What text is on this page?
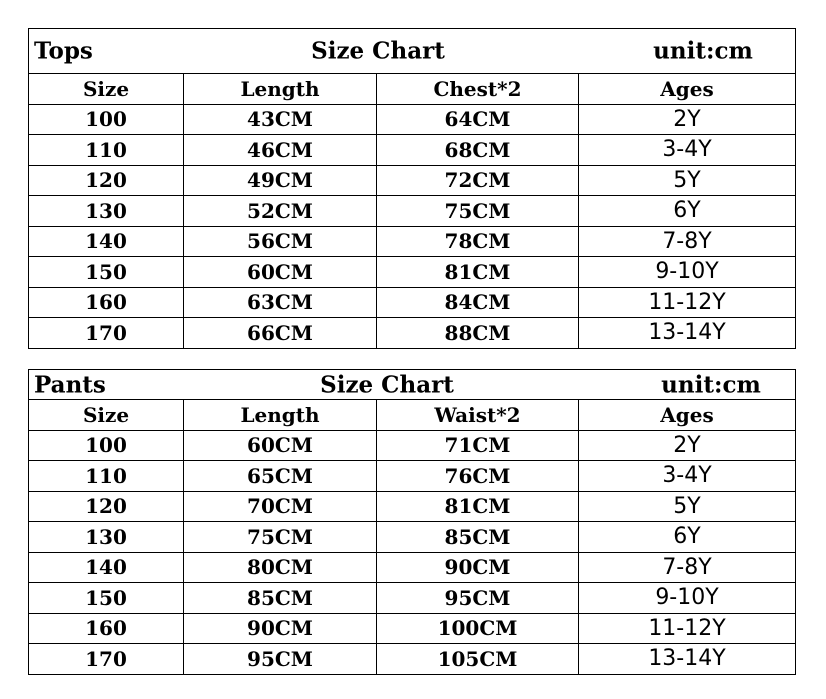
Tops Size Chart unit:cm			

Size	Length	Chest*2	Ages
100	43CM	64CM	2Y
110	46CM	68CM	3-4Y
120	49CM	72CM	5Y
130	52CM	75CM	6Y
140	56CM	78CM	7-8Y
150	60CM	81CM	9-10Y
160	63CM	84CM	11-12Y
170	66CM	88CM	13-14Y
Pants Size Chart unit:cm			

Size	Length	Waist*2	Ages
100	60CM	71CM	2Y
110	65CM	76CM	3-4Y
120	70CM	81CM	5Y
130	75CM	85CM	6Y
140	80CM	90CM	7-8Y
150	85CM	95CM	9-10Y
160	90CM	100CM	11-12Y
170	95CM	105CM	13-14Y
